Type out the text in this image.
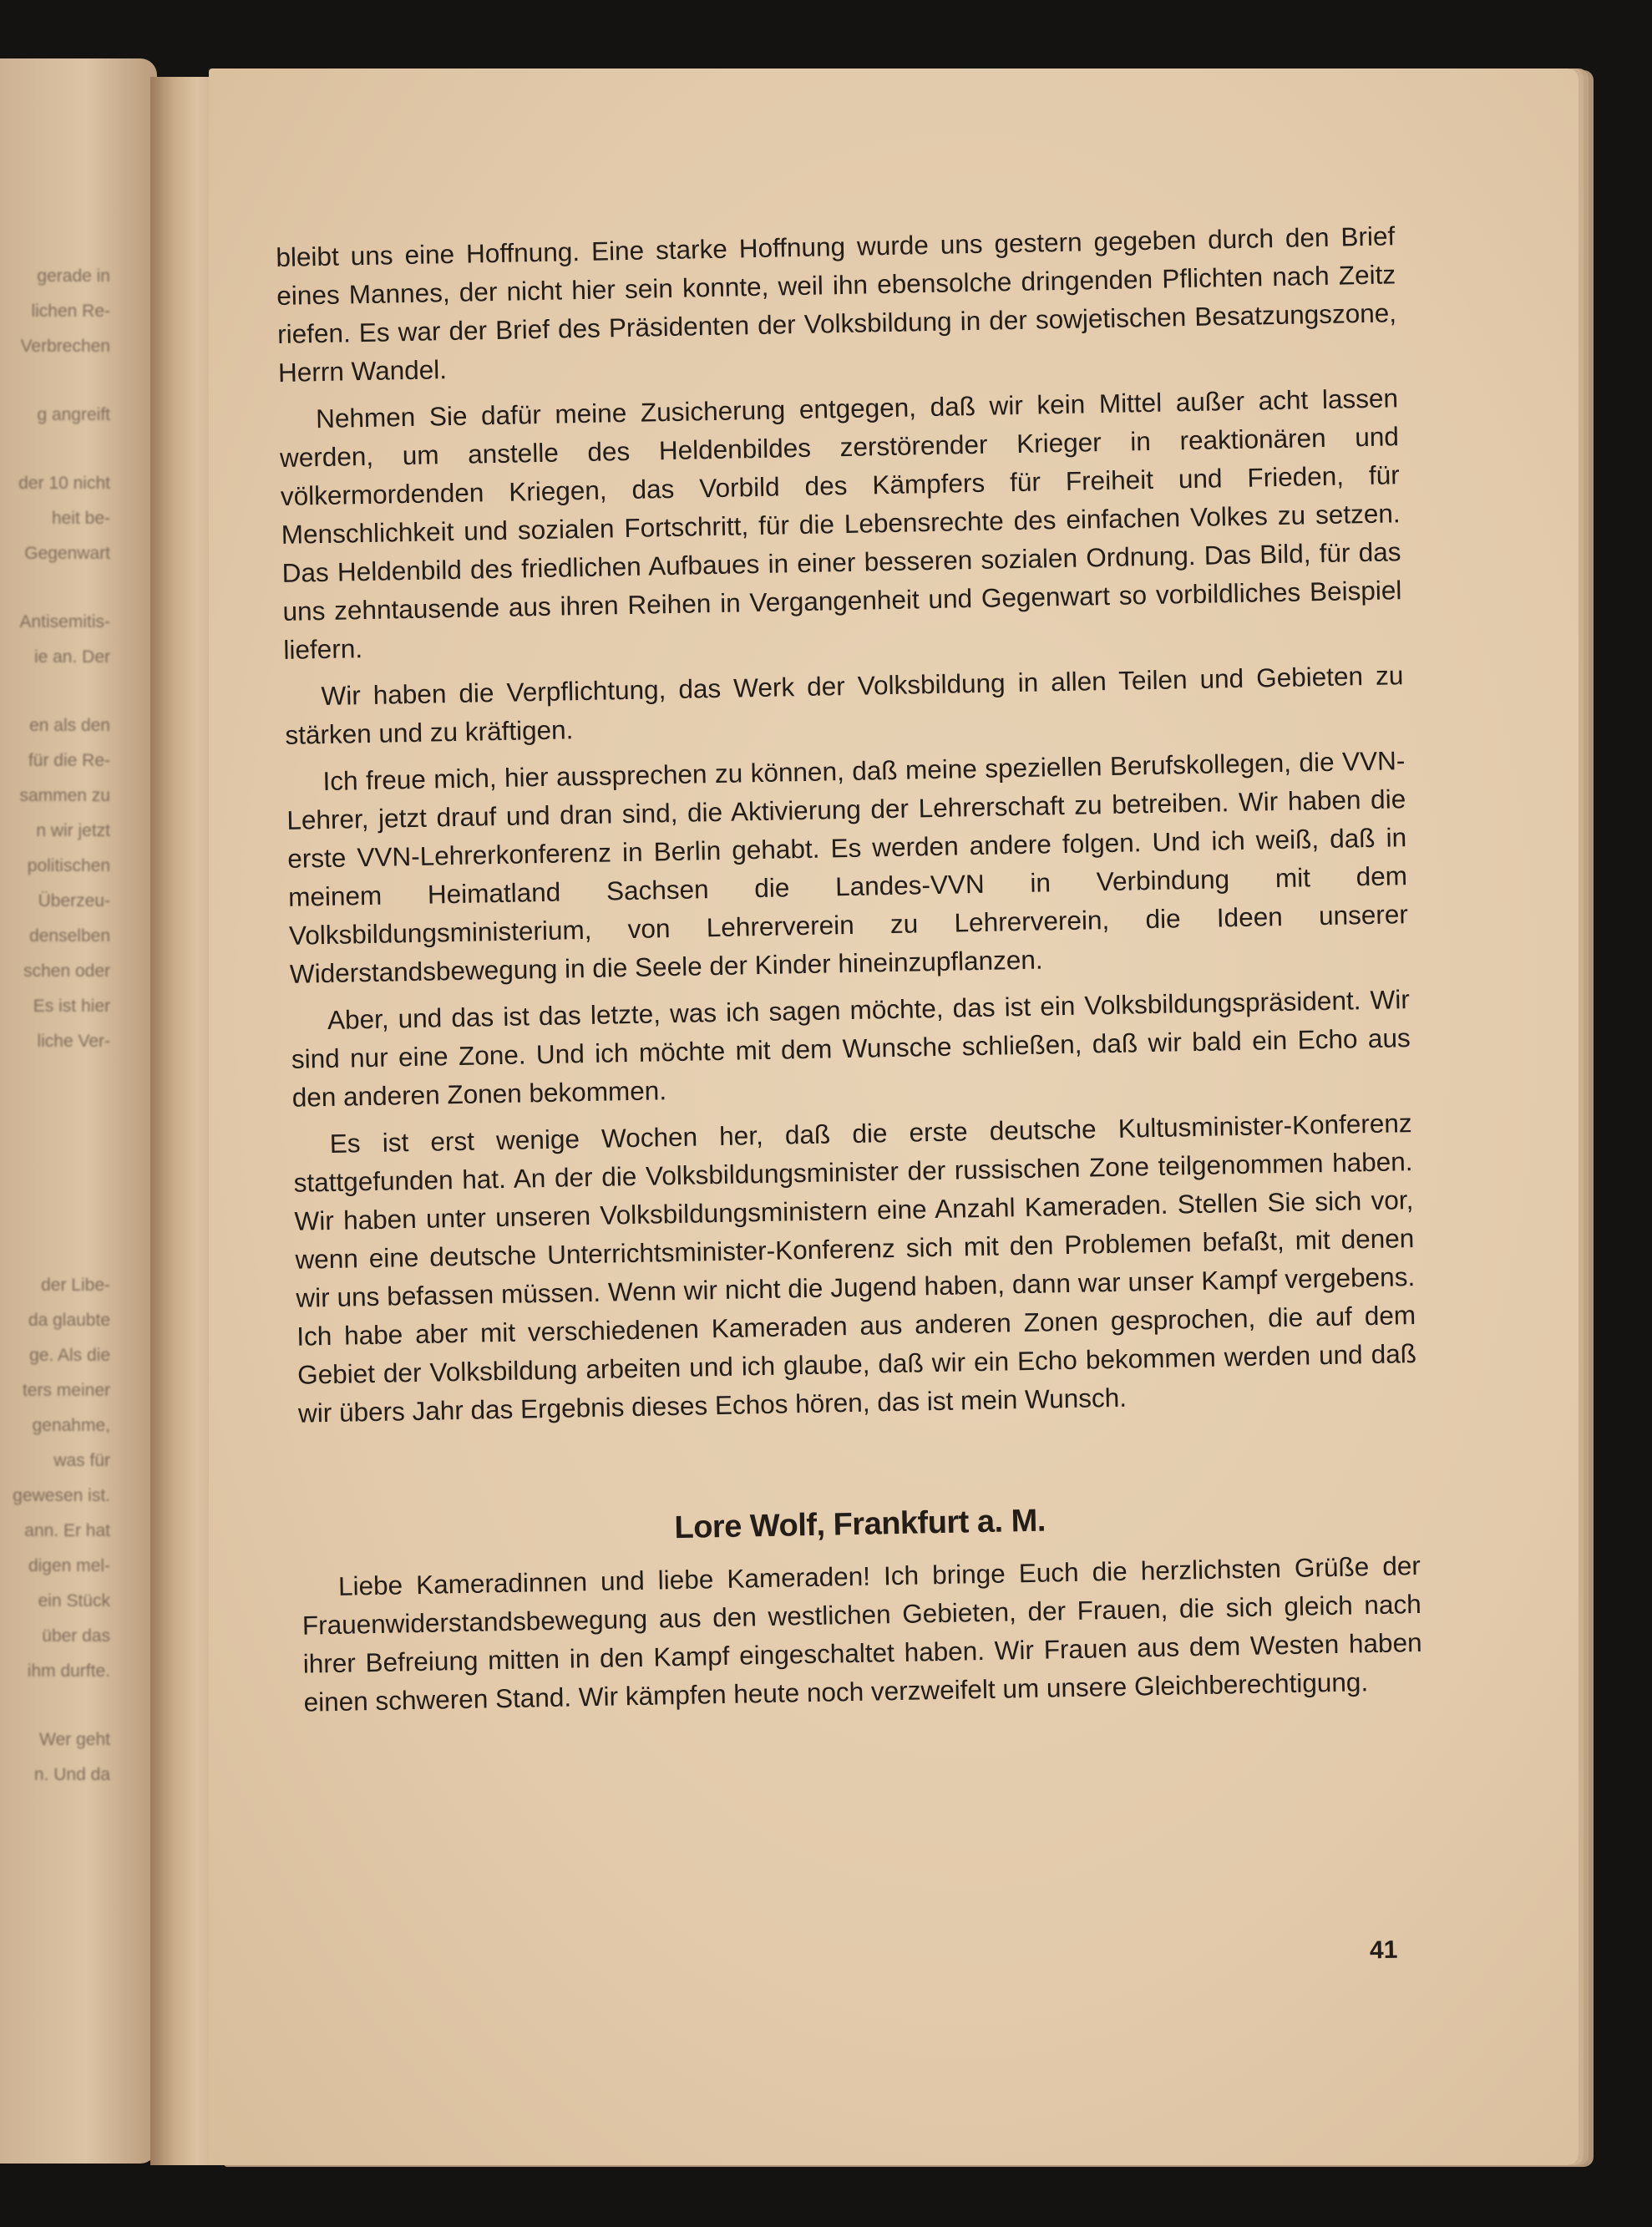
gerade in
lichen Re-
Verbrechen
g angreift
der 10 nicht
heit be-
Gegenwart
Antisemitis-
ie an. Der
en als den
für die Re-
sammen zu
n wir jetzt
politischen
Überzeu-
denselben
schen oder
Es ist hier
liche Ver-
der Libe-
da glaubte
ge. Als die
ters meiner
genahme,
was für
gewesen ist.
ann. Er hat
digen mel-
ein Stück
über das
ihm durfte.
Wer geht
n. Und da

bleibt uns eine Hoffnung. Eine starke Hoffnung wurde uns gestern gegeben durch den Brief eines Mannes, der nicht hier sein konnte, weil ihn ebensolche dringenden Pflichten nach Zeitz riefen. Es war der Brief des Präsidenten der Volksbildung in der sowjetischen Besatzungszone, Herrn Wandel.

Nehmen Sie dafür meine Zusicherung entgegen, daß wir kein Mittel außer acht lassen werden, um anstelle des Heldenbildes zerstörender Krieger in reaktionären und völkermordenden Kriegen, das Vorbild des Kämpfers für Freiheit und Frieden, für Menschlichkeit und sozialen Fortschritt, für die Lebensrechte des einfachen Volkes zu setzen. Das Heldenbild des friedlichen Aufbaues in einer besseren sozialen Ordnung. Das Bild, für das uns zehntausende aus ihren Reihen in Vergangenheit und Gegenwart so vorbildliches Beispiel liefern.

Wir haben die Verpflichtung, das Werk der Volksbildung in allen Teilen und Gebieten zu stärken und zu kräftigen.

Ich freue mich, hier aussprechen zu können, daß meine speziellen Berufskollegen, die VVN-Lehrer, jetzt drauf und dran sind, die Aktivierung der Lehrerschaft zu betreiben. Wir haben die erste VVN-Lehrerkonferenz in Berlin gehabt. Es werden andere folgen. Und ich weiß, daß in meinem Heimatland Sachsen die Landes-VVN in Verbindung mit dem Volksbildungsministerium, von Lehrerverein zu Lehrerverein, die Ideen unserer Widerstandsbewegung in die Seele der Kinder hineinzupflanzen.

Aber, und das ist das letzte, was ich sagen möchte, das ist ein Volksbildungspräsident. Wir sind nur eine Zone. Und ich möchte mit dem Wunsche schließen, daß wir bald ein Echo aus den anderen Zonen bekommen.

Es ist erst wenige Wochen her, daß die erste deutsche Kultusminister-Konferenz stattgefunden hat. An der die Volksbildungsminister der russischen Zone teilgenommen haben. Wir haben unter unseren Volksbildungsministern eine Anzahl Kameraden. Stellen Sie sich vor, wenn eine deutsche Unterrichtsminister-Konferenz sich mit den Problemen befaßt, mit denen wir uns befassen müssen. Wenn wir nicht die Jugend haben, dann war unser Kampf vergebens. Ich habe aber mit verschiedenen Kameraden aus anderen Zonen gesprochen, die auf dem Gebiet der Volksbildung arbeiten und ich glaube, daß wir ein Echo bekommen werden und daß wir übers Jahr das Ergebnis dieses Echos hören, das ist mein Wunsch.

Lore Wolf, Frankfurt a. M.

Liebe Kameradinnen und liebe Kameraden! Ich bringe Euch die herzlichsten Grüße der Frauenwiderstandsbewegung aus den westlichen Gebieten, der Frauen, die sich gleich nach ihrer Befreiung mitten in den Kampf eingeschaltet haben. Wir Frauen aus dem Westen haben einen schweren Stand. Wir kämpfen heute noch verzweifelt um unsere Gleichberechtigung.

41
